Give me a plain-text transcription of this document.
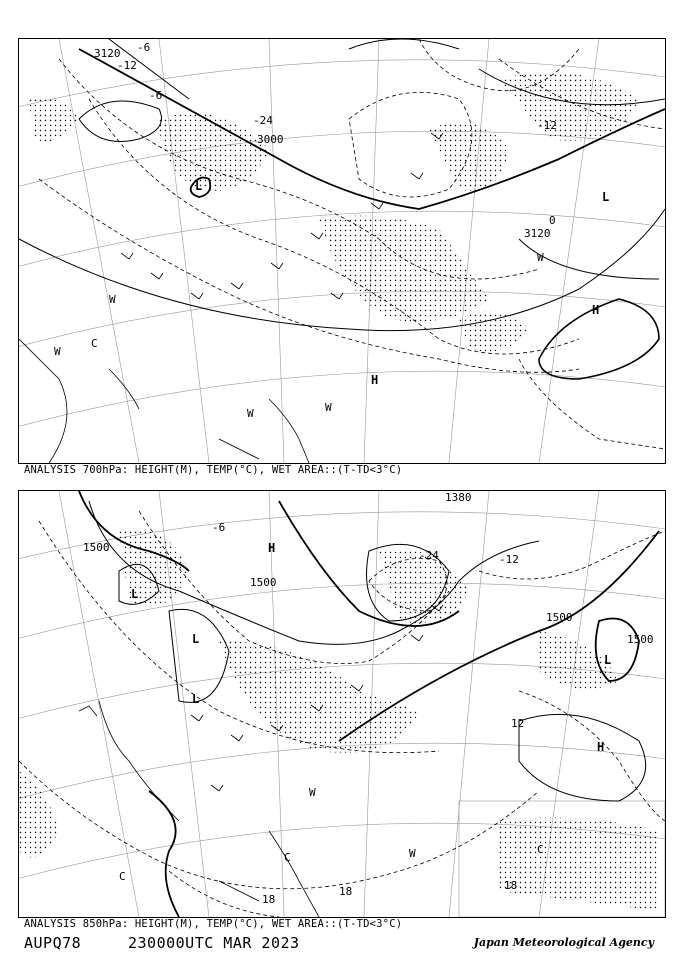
3120
3120
3000
-12
-12
-24
0
-6
-6
L
L
H
H
W
W
W	W
W
C
ANALYSIS 700hPa: HEIGHT(M), TEMP(°C), WET AREA::(T-TD<3°C)
1500
1500
1500
1500
1380
-6
-24	-12
12
18
18
18
L
L
L
H
H
L
W
W
C
C
C
ANALYSIS 850hPa: HEIGHT(M), TEMP(°C), WET AREA::(T-TD<3°C)
AUPQ78	230000UTC MAR 2023	Japan Meteorological Agency
